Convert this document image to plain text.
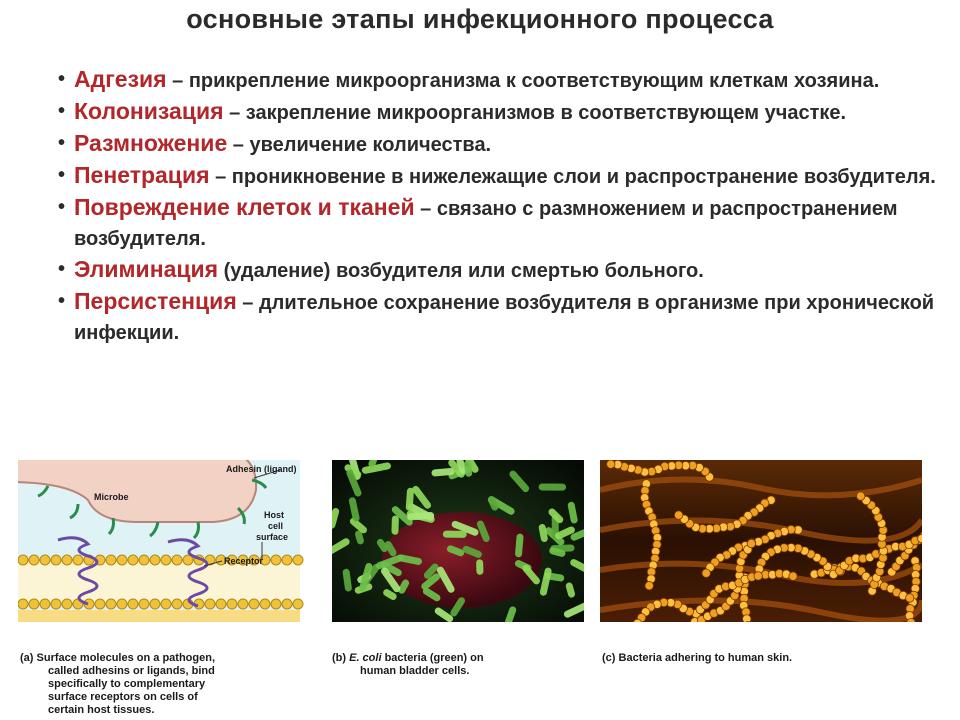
основные этапы инфекционного процесса
• Адгезия – прикрепление микроорганизма к соответствующим клеткам хозяина.
• Колонизация – закрепление микроорганизмов в соответствующем участке.
• Размножение – увеличение количества.
• Пенетрация – проникновение в нижележащие слои и распространение возбудителя.
• Повреждение клеток и тканей – связано с размножением и распространением возбудителя.
• Элиминация (удаление) возбудителя или смертью больного.
• Персистенция – длительное сохранение возбудителя в организме при хронической инфекции.
Adhesin (ligand)
Microbe
Host
cell
surface
Receptor
(a) Surface molecules on a pathogen,
called adhesins or ligands, bind
specifically to complementary
surface receptors on cells of
certain host tissues.
(b) E. coli bacteria (green) on
human bladder cells.
(c) Bacteria adhering to human skin.
